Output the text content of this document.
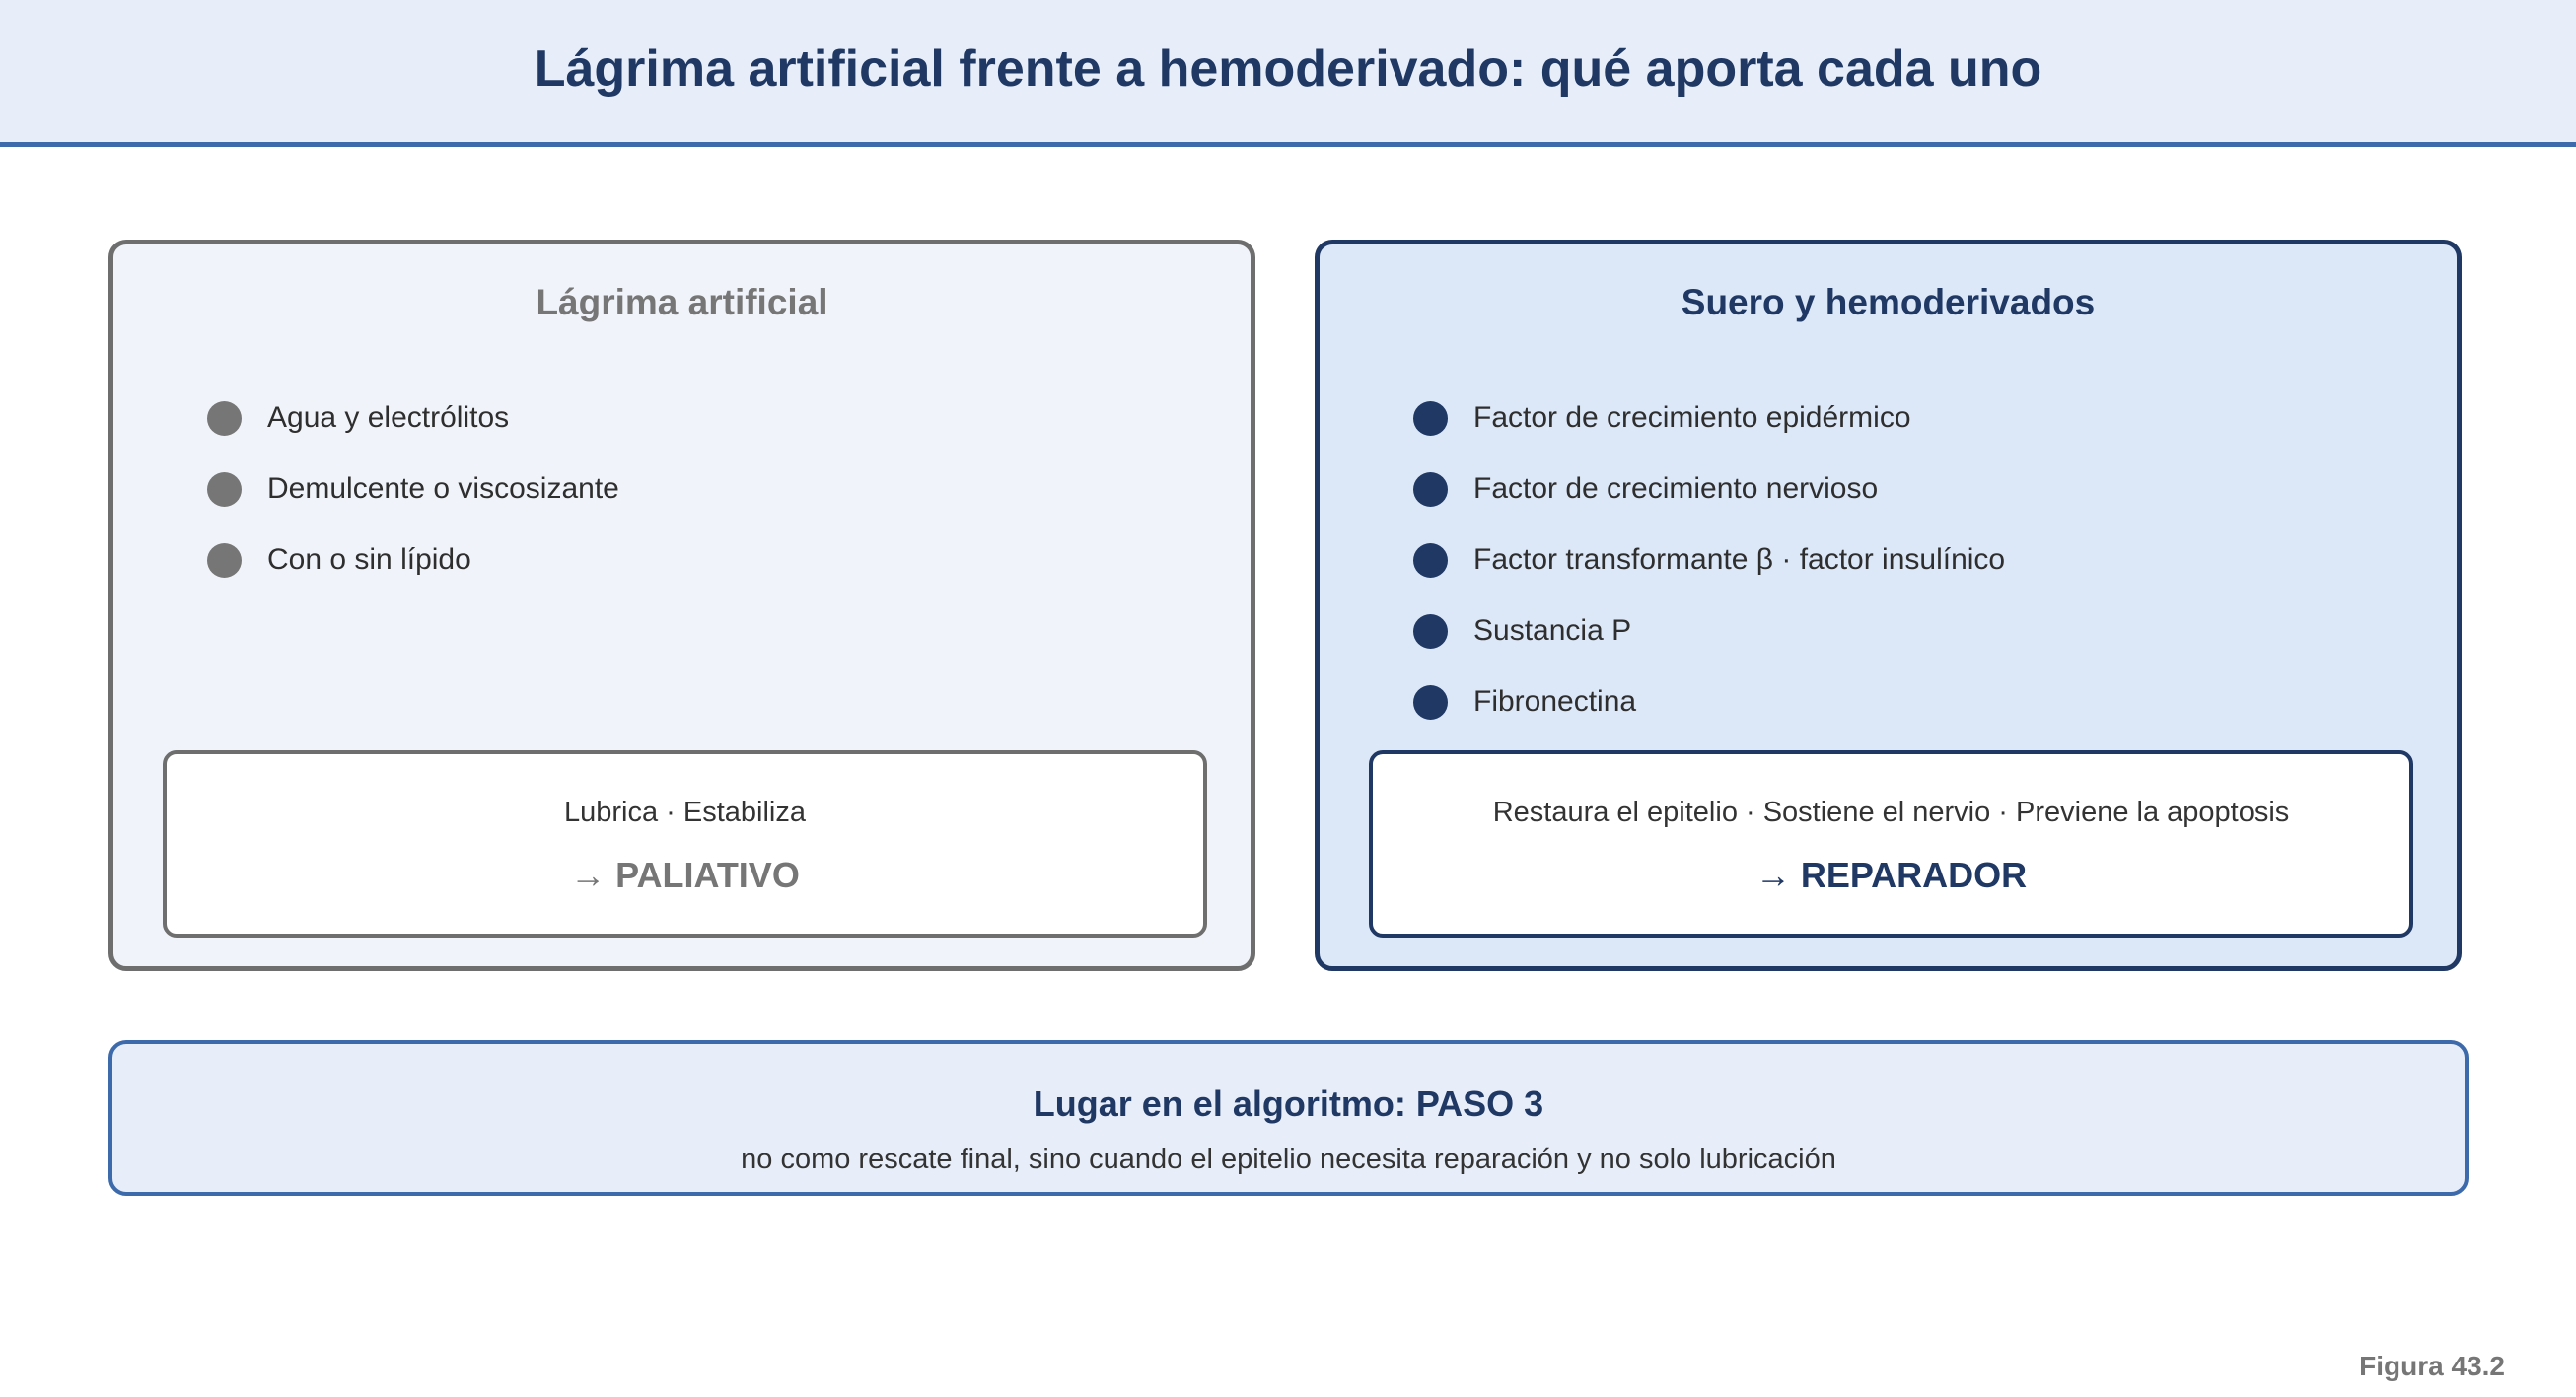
Lágrima artificial frente a hemoderivado: qué aporta cada uno
Lágrima artificial
Agua y electrólitos
Demulcente o viscosizante
Con o sin lípido
Lubrica · Estabiliza
→ PALIATIVO
Suero y hemoderivados
Factor de crecimiento epidérmico
Factor de crecimiento nervioso
Factor transformante β · factor insulínico
Sustancia P
Fibronectina
Restaura el epitelio · Sostiene el nervio · Previene la apoptosis
→ REPARADOR
Lugar en el algoritmo: PASO 3
no como rescate final, sino cuando el epitelio necesita reparación y no solo lubricación
Figura 43.2
